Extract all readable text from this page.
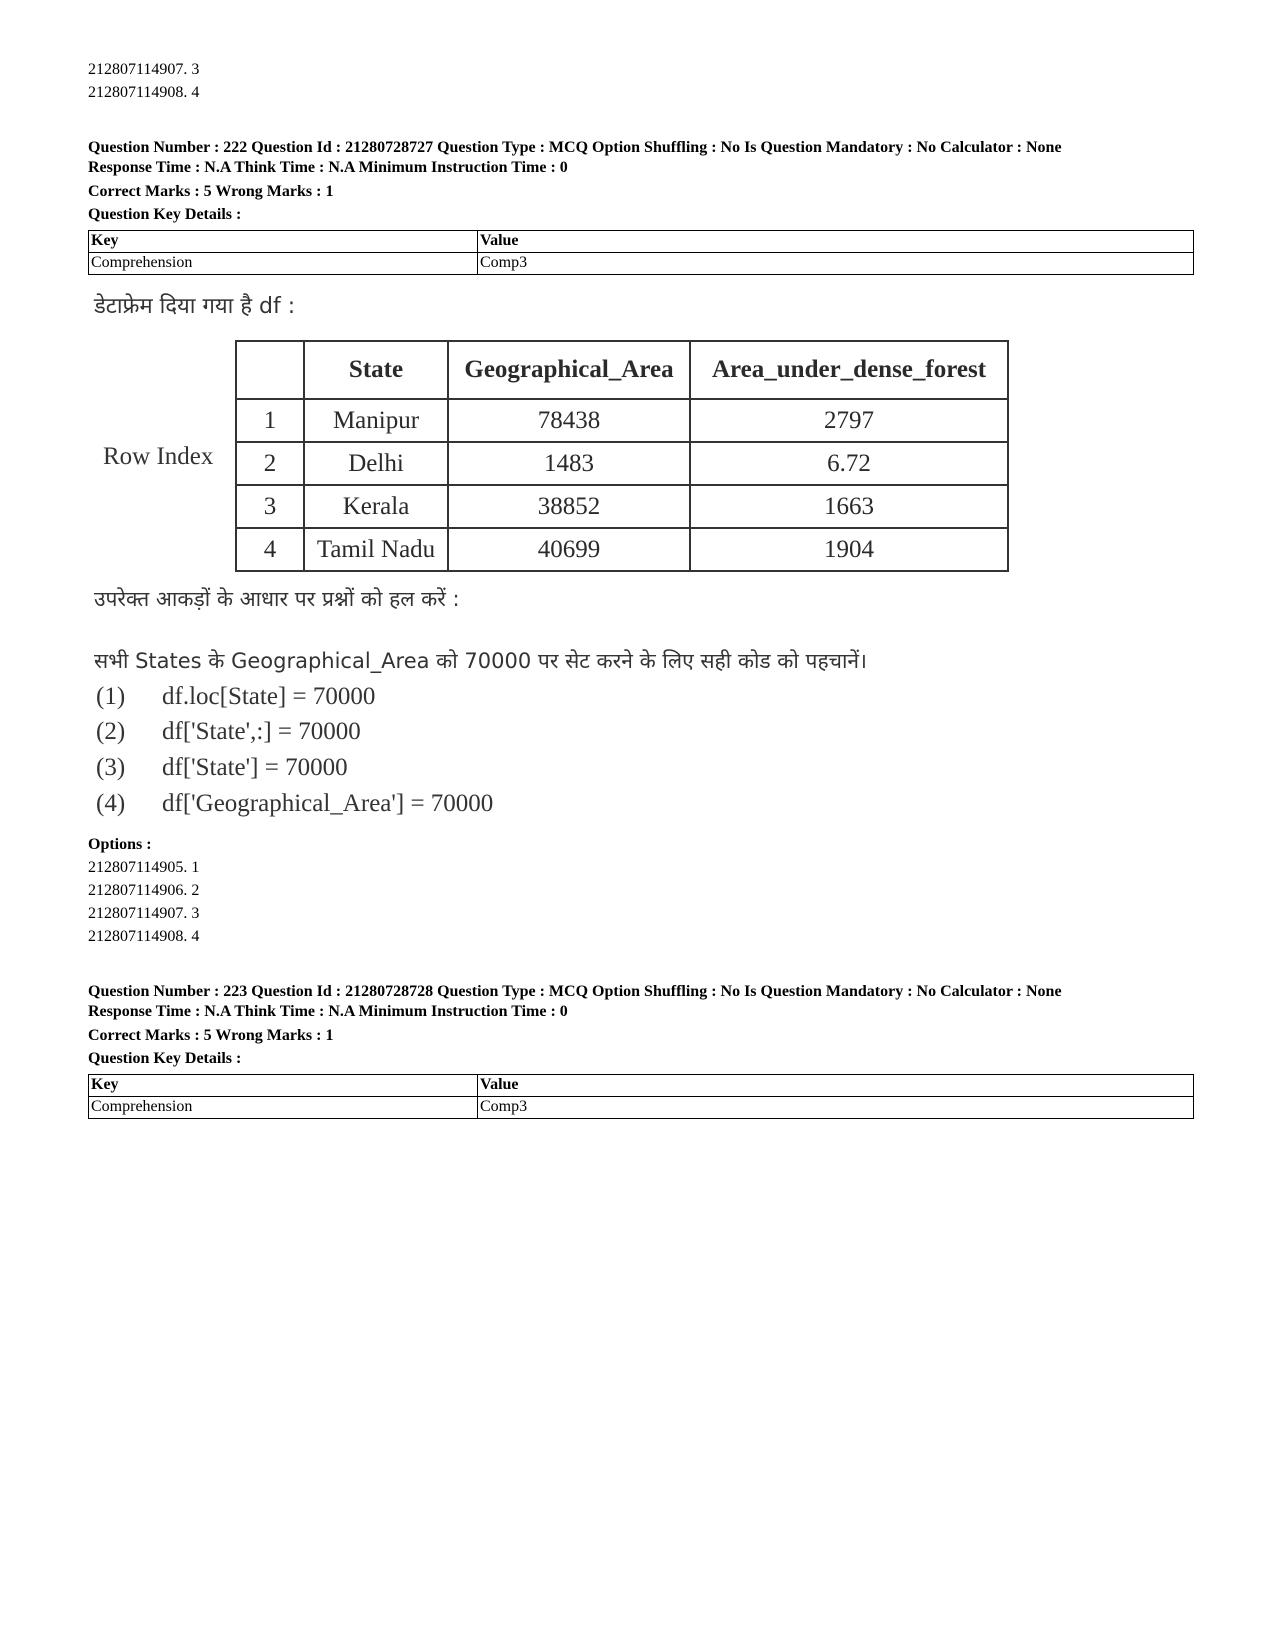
212807114907. 3
212807114908. 4
Question Number : 222 Question Id : 21280728727 Question Type : MCQ Option Shuffling : No Is Question Mandatory : No Calculator : None
Response Time : N.A Think Time : N.A Minimum Instruction Time : 0
Correct Marks : 5 Wrong Marks : 1
Question Key Details :
Key	Value
Comprehension	Comp3
डेटाफ्रेम दिया गया है df :
Row Index
	State	Geographical_Area	Area_under_dense_forest
1	Manipur	78438	2797
2	Delhi	1483	6.72
3	Kerala	38852	1663
4	Tamil Nadu	40699	1904
उपरेक्त आकड़ों के आधार पर प्रश्नों को हल करें :
सभी States के Geographical_Area को 70000 पर सेट करने के लिए सही कोड को पहचानें।
(1) df.loc[State] = 70000
(2) df['State',:] = 70000
(3) df['State'] = 70000
(4) df['Geographical_Area'] = 70000
Options :
212807114905. 1
212807114906. 2
212807114907. 3
212807114908. 4
Question Number : 223 Question Id : 21280728728 Question Type : MCQ Option Shuffling : No Is Question Mandatory : No Calculator : None
Response Time : N.A Think Time : N.A Minimum Instruction Time : 0
Correct Marks : 5 Wrong Marks : 1
Question Key Details :
Key	Value
Comprehension	Comp3
